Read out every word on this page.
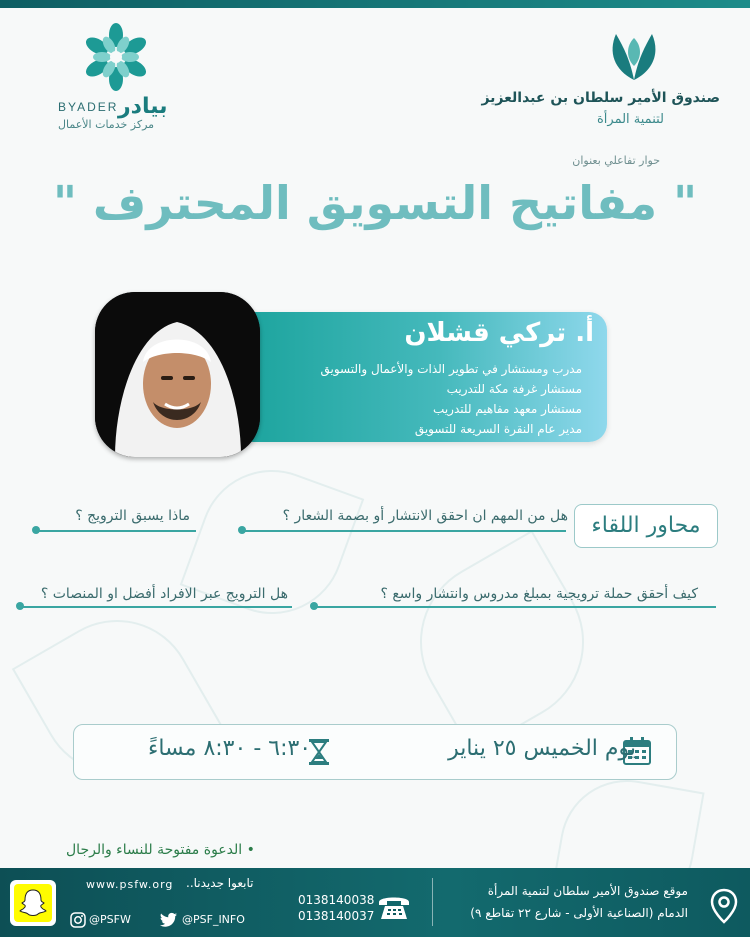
بيادر
BYADER
مركز خدمات الأعمال
صندوق الأمير سلطان بن عبدالعزيز
لتنمية المرأة
حوار تفاعلي بعنوان
" مفاتيح التسويق المحترف "
أ. تركي قشلان
مدرب ومستشار في تطوير الذات والأعمال والتسويق
مستشار غرفة مكة للتدريب
مستشار معهد مفاهيم للتدريب
مدير عام النقرة السريعة للتسويق
محاور اللقاء
هل من المهم ان احقق الانتشار أو بصمة الشعار ؟
ماذا يسبق الترويج ؟
كيف أحقق حملة ترويجية بمبلغ مدروس وانتشار واسع ؟
هل الترويج عبر الافراد أفضل او المنصات ؟
يوم الخميس ٢٥ يناير
٦:٣٠ - ٨:٣٠ مساءً
• الدعوة مفتوحة للنساء والرجال
www.psfw.org تابعوا جديدنا..
@PSFW	@PSF_INFO
0138140038
0138140037
موقع صندوق الأمير سلطان لتنمية المرأة
الدمام (الصناعية الأولى - شارع ٢٢ تقاطع ٩)
